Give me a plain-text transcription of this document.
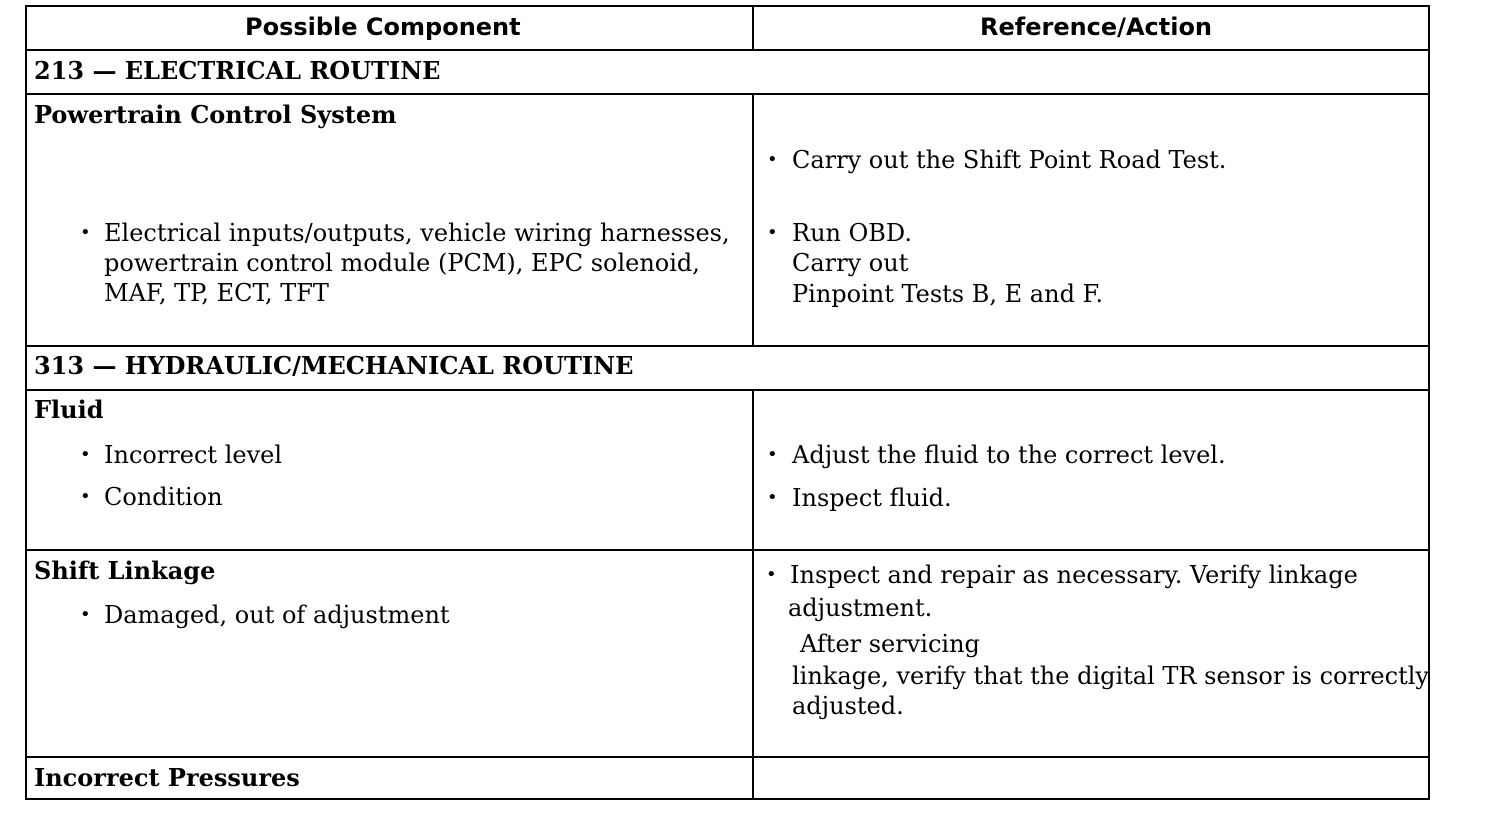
Possible Component	Reference/Action
213 — ELECTRICAL ROUTINE
Powertrain Control System
• Electrical inputs/outputs, vehicle wiring harnesses,
powertrain control module (PCM), EPC solenoid,
MAF, TP, ECT, TFT
• Carry out the Shift Point Road Test.
• Run OBD.
Carry out
Pinpoint Tests B, E and F.
313 — HYDRAULIC/MECHANICAL ROUTINE
Fluid
• Incorrect level
• Condition
• Adjust the fluid to the correct level.
• Inspect fluid.
Shift Linkage
• Damaged, out of adjustment
• Inspect and repair as necessary. Verify linkage
adjustment.
After servicing
linkage, verify that the digital TR sensor is correctly
adjusted.
Incorrect Pressures
